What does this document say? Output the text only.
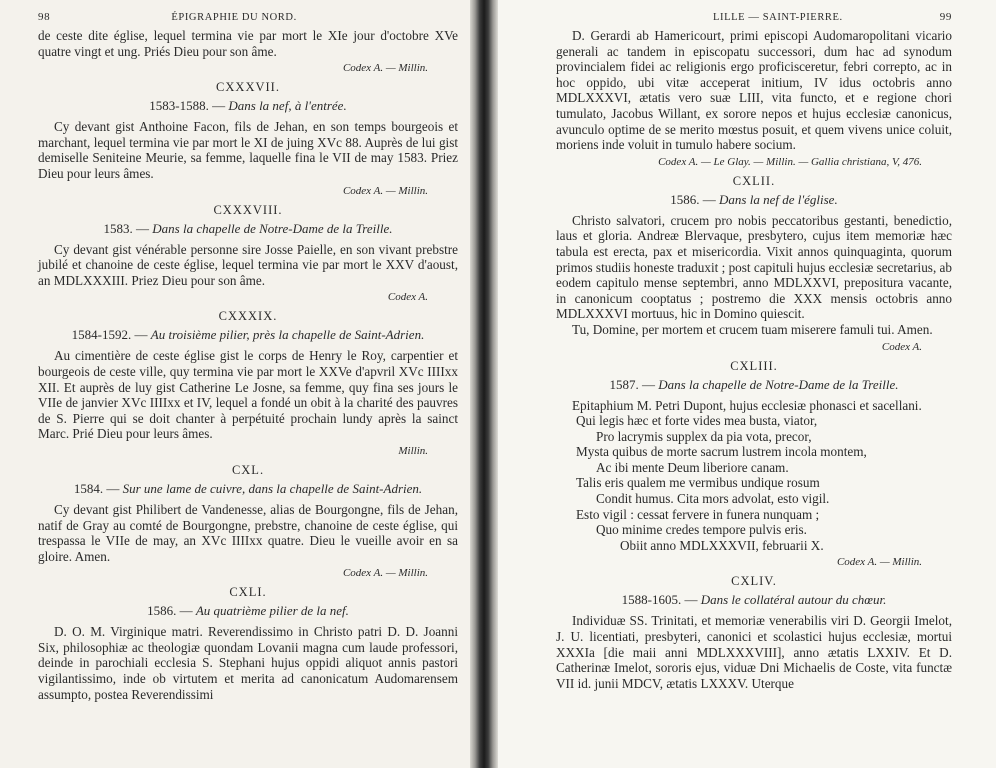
98	ÉPIGRAPHIE DU NORD.

de ceste dite église, lequel termina vie par mort le XIe jour d'octobre XVe quatre vingt et ung. Priés Dieu pour son âme.

Codex A. — Millin.
CXXXVII.
1583-1588. — Dans la nef, à l'entrée.

Cy devant gist Anthoine Facon, fils de Jehan, en son temps bourgeois et marchant, lequel termina vie par mort le XI de juing XVc 88. Auprès de lui gist demiselle Seniteine Meurie, sa femme, laquelle fina le VII de may 1583. Priez Dieu pour leurs âmes.

Codex A. — Millin.
CXXXVIII.
1583. — Dans la chapelle de Notre-Dame de la Treille.

Cy devant gist vénérable personne sire Josse Paielle, en son vivant prebstre jubilé et chanoine de ceste église, lequel termina vie par mort le XXV d'aoust, an MDLXXXIII. Priez Dieu pour son âme.

Codex A.
CXXXIX.
1584-1592. — Au troisième pilier, près la chapelle de Saint-Adrien.

Au cimentière de ceste église gist le corps de Henry le Roy, carpentier et bourgeois de ceste ville, quy termina vie par mort le XXVe d'apvril XVc IIIIxx XII. Et auprès de luy gist Catherine Le Josne, sa femme, quy fina ses jours le VIIe de janvier XVc IIIIxx et IV, lequel a fondé un obit à la charité des pauvres de S. Pierre qui se doit chanter à perpétuité prochain lundy après la sainct Marc. Prié Dieu pour leurs âmes.

Millin.
CXL.
1584. — Sur une lame de cuivre, dans la chapelle de Saint-Adrien.

Cy devant gist Philibert de Vandenesse, alias de Bourgongne, fils de Jehan, natif de Gray au comté de Bourgongne, prebstre, chanoine de ceste église, qui trespassa le VIIe de may, an XVc IIIIxx quatre. Dieu le vueille avoir en sa gloire. Amen.

Codex A. — Millin.
CXLI.
1586. — Au quatrième pilier de la nef.

D. O. M. Virginique matri. Reverendissimo in Christo patri D. D. Joanni Six, philosophiæ ac theologiæ quondam Lovanii magna cum laude professori, deinde in parochiali ecclesia S. Stephani hujus oppidi aliquot annis pastori vigilantissimo, inde ob virtutem et merita ad canonicatum Audomarensem assumpto, postea Reverendissimi

LILLE — SAINT-PIERRE.	99

D. Gerardi ab Hamericourt, primi episcopi Audomaropolitani vicario generali ac tandem in episcopatu successori, dum hac ad synodum provincialem fidei ac religionis ergo proficisceretur, febri correpto, ac in hoc oppido, ubi vitæ acceperat initium, IV idus octobris anno MDLXXXVI, ætatis vero suæ LIII, vita functo, et e regione chori tumulato, Jacobus Willant, ex sorore nepos et hujus ecclesiæ canonicus, avunculo optime de se merito mœstus posuit, et quem vivens unice coluit, moriens inde voluit in tumulo habere socium.

Codex A. — Le Glay. — Millin. — Gallia christiana, V, 476.
CXLII.
1586. — Dans la nef de l'église.

Christo salvatori, crucem pro nobis peccatoribus gestanti, benedictio, laus et gloria. Andreæ Blervaque, presbytero, cujus item memoriæ hæc tabula est erecta, pax et misericordia. Vixit annos quinquaginta, quorum primos studiis honeste traduxit ; post capituli hujus ecclesiæ secretarius, ab eodem capitulo mense septembri, anno MDLXXVI, prepositura vacante, in canonicum cooptatus ; postremo die XXX mensis octobris anno MDLXXXVI mortuus, hic in Domino quiescit.

Tu, Domine, per mortem et crucem tuam miserere famuli tui. Amen.

Codex A.
CXLIII.
1587. — Dans la chapelle de Notre-Dame de la Treille.

Epitaphium M. Petri Dupont, hujus ecclesiæ phonasci et sacellani.

Qui legis hæc et forte vides mea busta, viator,
Pro lacrymis supplex da pia vota, precor,
Mysta quibus de morte sacrum lustrem incola montem,
Ac ibi mente Deum liberiore canam.
Talis eris qualem me vermibus undique rosum
Condit humus. Cita mors advolat, esto vigil.
Esto vigil : cessat fervere in funera nunquam ;
Quo minime credes tempore pulvis eris.
Obiit anno MDLXXXVII, februarii X.
Codex A. — Millin.
CXLIV.
1588-1605. — Dans le collatéral autour du chœur.

Individuæ SS. Trinitati, et memoriæ venerabilis viri D. Georgii Imelot, J. U. licentiati, presbyteri, canonici et scolastici hujus ecclesiæ, mortui XXXIa [die maii anni MDLXXXVIII], anno ætatis LXXIV. Et D. Catherinæ Imelot, sororis ejus, viduæ Dni Michaelis de Coste, vita functæ VII id. junii MDCV, ætatis LXXXV. Uterque
